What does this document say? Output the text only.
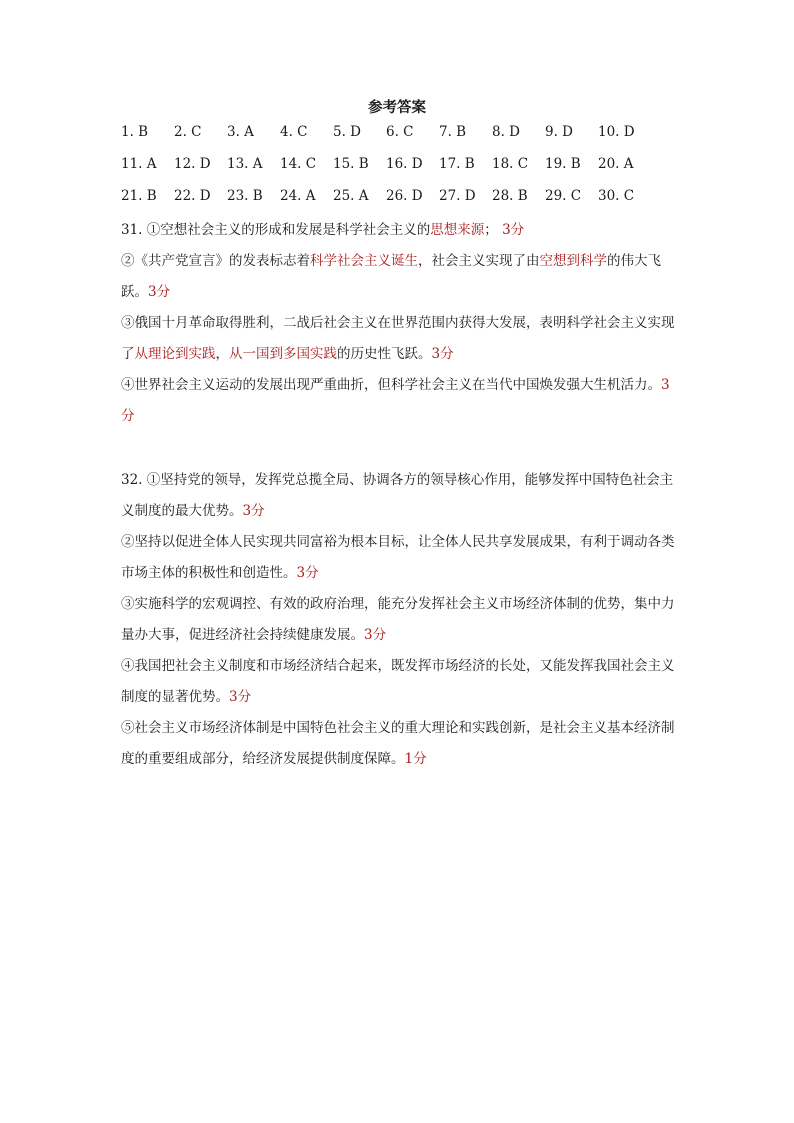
参考答案
1. B 2. C 3. A 4. C 5. D 6. C 7. B 8. D 9. D 10. D
11. A 12. D 13. A 14. C 15. B 16. D 17. B 18. C 19. B 20. A
21. B 22. D 23. B 24. A 25. A 26. D 27. D 28. B 29. C 30. C

31. ①空想社会主义的形成和发展是科学社会主义的思想来源； 3分

②《共产党宣言》的发表标志着科学社会主义诞生，社会主义实现了由空想到科学的伟大飞跃。3分

③俄国十月革命取得胜利，二战后社会主义在世界范围内获得大发展，表明科学社会主义实现了从理论到实践，从一国到多国实践的历史性飞跃。3分

④世界社会主义运动的发展出现严重曲折，但科学社会主义在当代中国焕发强大生机活力。3分

32. ①坚持党的领导，发挥党总揽全局、协调各方的领导核心作用，能够发挥中国特色社会主义制度的最大优势。3分

②坚持以促进全体人民实现共同富裕为根本目标，让全体人民共享发展成果，有利于调动各类市场主体的积极性和创造性。3分

③实施科学的宏观调控、有效的政府治理，能充分发挥社会主义市场经济体制的优势，集中力量办大事，促进经济社会持续健康发展。3分

④我国把社会主义制度和市场经济结合起来，既发挥市场经济的长处，又能发挥我国社会主义制度的显著优势。3分

⑤社会主义市场经济体制是中国特色社会主义的重大理论和实践创新，是社会主义基本经济制度的重要组成部分，给经济发展提供制度保障。1分
